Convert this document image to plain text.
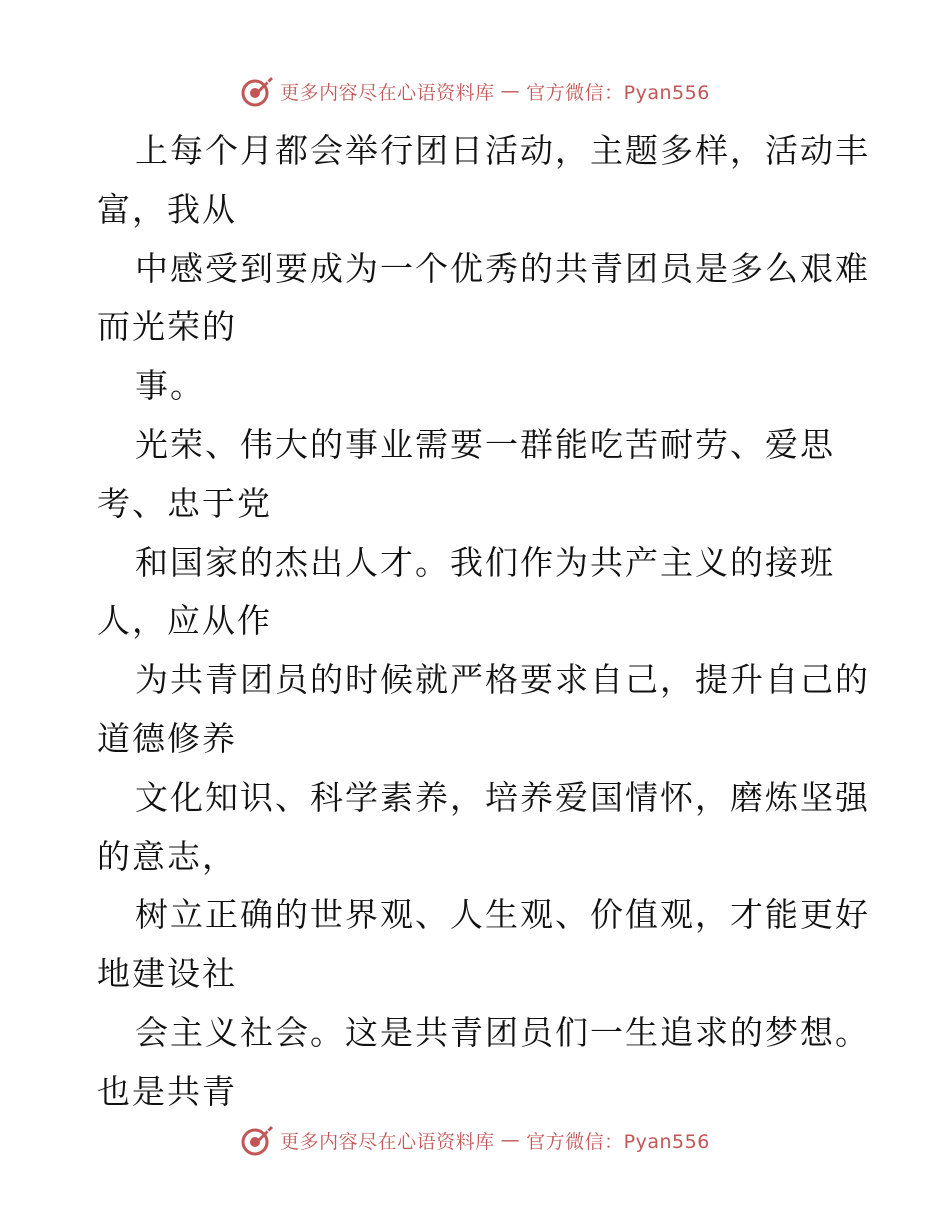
更多内容尽在心语资料库 — 官方微信：Pyan556
上每个月都会举行团日活动，主题多样，活动丰
富，我从
中感受到要成为一个优秀的共青团员是多么艰难
而光荣的
事。
光荣、伟大的事业需要一群能吃苦耐劳、爱思
考、忠于党
和国家的杰出人才。我们作为共产主义的接班
人，应从作
为共青团员的时候就严格要求自己，提升自己的
道德修养
文化知识、科学素养，培养爱国情怀，磨炼坚强
的意志，
树立正确的世界观、人生观、价值观，才能更好
地建设社
会主义社会。这是共青团员们一生追求的梦想。
也是共青
更多内容尽在心语资料库 — 官方微信：Pyan556
